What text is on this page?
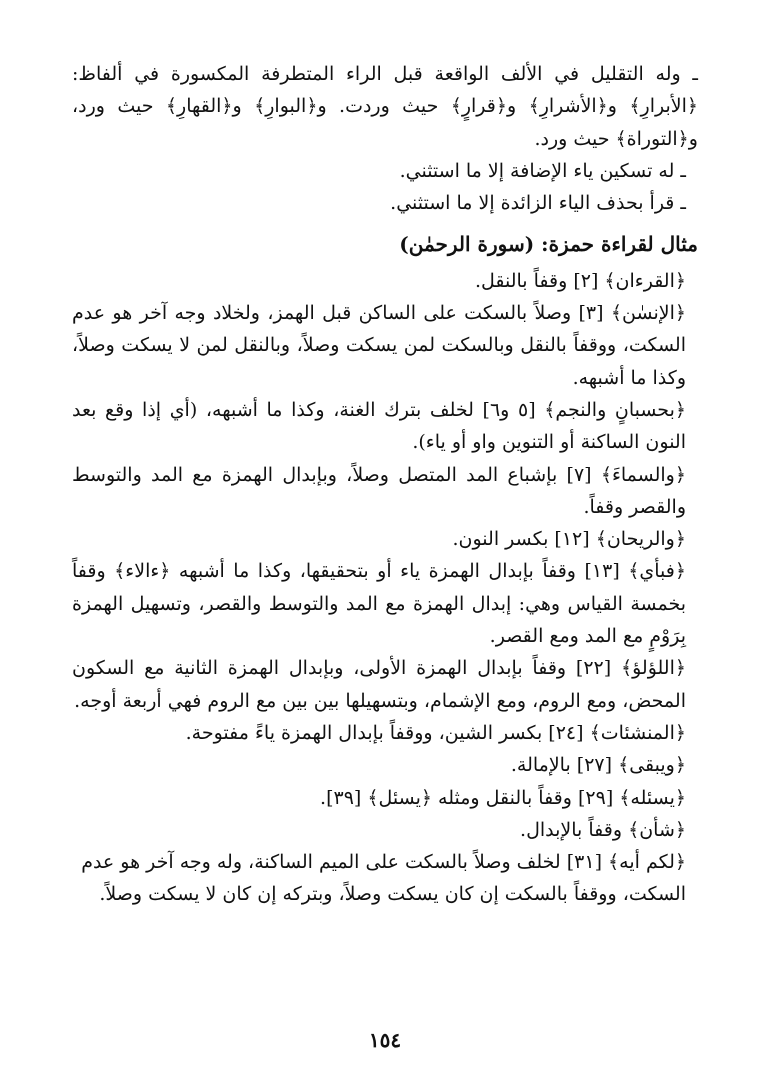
ـ وله التقليل في الألف الواقعة قبل الراء المتطرفة المكسورة في ألفاظ: ﴿الأبرارِ﴾ و﴿الأشرارِ﴾ و﴿قرارٍ﴾ حيث وردت. و﴿البوارِ﴾ و﴿القهارِ﴾ حيث ورد، و﴿التوراة﴾ حيث ورد.

ـ له تسكين ياء الإضافة إلا ما استثني.

ـ قرأ بحذف الياء الزائدة إلا ما استثني.

مثال لقراءة حمزة: (سورة الرحمٰن)

﴿القرءان﴾ [٢] وقفاً بالنقل.

﴿الإنسٰن﴾ [٣] وصلاً بالسكت على الساكن قبل الهمز، ولخلاد وجه آخر هو عدم السكت، ووقفاً بالنقل وبالسكت لمن يسكت وصلاً، وبالنقل لمن لا يسكت وصلاً، وكذا ما أشبهه.

﴿بحسبانٍ والنجم﴾ [٥ و٦] لخلف بترك الغنة، وكذا ما أشبهه، (أي إذا وقع بعد النون الساكنة أو التنوين واو أو ياء).

﴿والسماءَ﴾ [٧] بإشباع المد المتصل وصلاً، وبإبدال الهمزة مع المد والتوسط والقصر وقفاً.

﴿والريحان﴾ [١٢] بكسر النون.

﴿فبأي﴾ [١٣] وقفاً بإبدال الهمزة ياء أو بتحقيقها، وكذا ما أشبهه ﴿ءالاء﴾ وقفاً بخمسة القياس وهي: إبدال الهمزة مع المد والتوسط والقصر، وتسهيل الهمزة بِرَوْمٍ مع المد ومع القصر.

﴿اللؤلؤ﴾ [٢٢] وقفاً بإبدال الهمزة الأولى، وبإبدال الهمزة الثانية مع السكون المحض، ومع الروم، ومع الإشمام، وبتسهيلها بين بين مع الروم فهي أربعة أوجه.

﴿المنشئات﴾ [٢٤] بكسر الشين، ووقفاً بإبدال الهمزة ياءً مفتوحة.

﴿ويبقى﴾ [٢٧] بالإمالة.

﴿يسئله﴾ [٢٩] وقفاً بالنقل ومثله ﴿يسئل﴾ [٣٩].

﴿شأن﴾ وقفاً بالإبدال.

﴿لكم أيه﴾ [٣١] لخلف وصلاً بالسكت على الميم الساكنة، وله وجه آخر هو عدم السكت، ووقفاً بالسكت إن كان يسكت وصلاً، وبتركه إن كان لا يسكت وصلاً.

١٥٤
